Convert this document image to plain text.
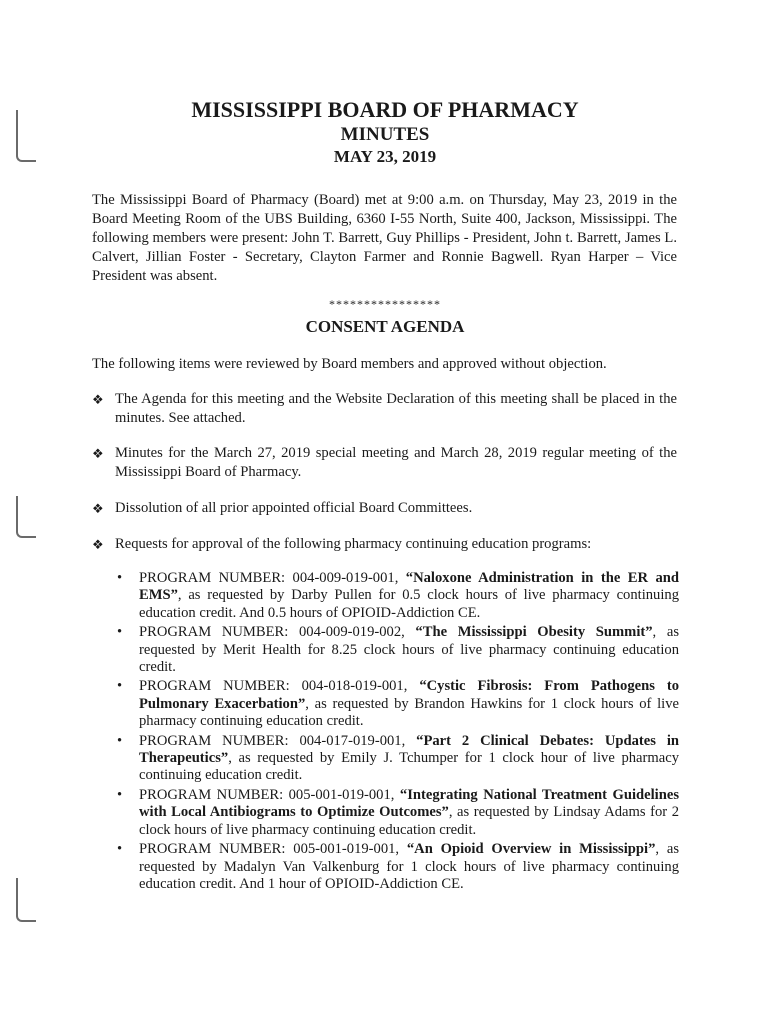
MISSISSIPPI BOARD OF PHARMACY
MINUTES
MAY 23, 2019
The Mississippi Board of Pharmacy (Board) met at 9:00 a.m. on Thursday, May 23, 2019 in the Board Meeting Room of the UBS Building, 6360 I-55 North, Suite 400, Jackson, Mississippi. The following members were present: John T. Barrett, Guy Phillips - President, John t. Barrett, James L. Calvert, Jillian Foster - Secretary, Clayton Farmer and Ronnie Bagwell. Ryan Harper – Vice President was absent.
****************
CONSENT AGENDA
The following items were reviewed by Board members and approved without objection.
❖ The Agenda for this meeting and the Website Declaration of this meeting shall be placed in the minutes. See attached.
❖ Minutes for the March 27, 2019 special meeting and March 28, 2019 regular meeting of the Mississippi Board of Pharmacy.
❖ Dissolution of all prior appointed official Board Committees.
❖ Requests for approval of the following pharmacy continuing education programs:
• PROGRAM NUMBER: 004-009-019-001, “Naloxone Administration in the ER and EMS”, as requested by Darby Pullen for 0.5 clock hours of live pharmacy continuing education credit. And 0.5 hours of OPIOID-Addiction CE.
• PROGRAM NUMBER: 004-009-019-002, “The Mississippi Obesity Summit”, as requested by Merit Health for 8.25 clock hours of live pharmacy continuing education credit.
• PROGRAM NUMBER: 004-018-019-001, “Cystic Fibrosis: From Pathogens to Pulmonary Exacerbation”, as requested by Brandon Hawkins for 1 clock hours of live pharmacy continuing education credit.
• PROGRAM NUMBER: 004-017-019-001, “Part 2 Clinical Debates: Updates in Therapeutics”, as requested by Emily J. Tchumper for 1 clock hour of live pharmacy continuing education credit.
• PROGRAM NUMBER: 005-001-019-001, “Integrating National Treatment Guidelines with Local Antibiograms to Optimize Outcomes”, as requested by Lindsay Adams for 2 clock hours of live pharmacy continuing education credit.
• PROGRAM NUMBER: 005-001-019-001, “An Opioid Overview in Mississippi”, as requested by Madalyn Van Valkenburg for 1 clock hours of live pharmacy continuing education credit. And 1 hour of OPIOID-Addiction CE.
